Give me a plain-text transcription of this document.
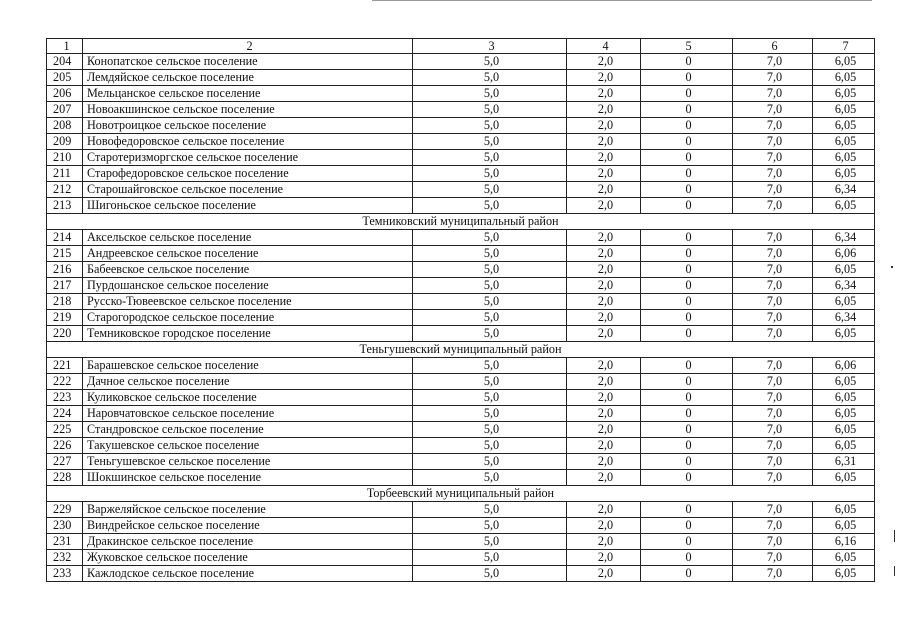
1	2	3	4	5	6	7
204	Конопатское сельское поселение	5,0	2,0	0	7,0	6,05
205	Лемдяйское сельское поселение	5,0	2,0	0	7,0	6,05
206	Мельцанское сельское поселение	5,0	2,0	0	7,0	6,05
207	Новоакшинское сельское поселение	5,0	2,0	0	7,0	6,05
208	Новотроицкое сельское поселение	5,0	2,0	0	7,0	6,05
209	Новофедоровское сельское поселение	5,0	2,0	0	7,0	6,05
210	Старотеризморгское сельское поселение	5,0	2,0	0	7,0	6,05
211	Старофедоровское сельское поселение	5,0	2,0	0	7,0	6,05
212	Старошайговское сельское поселение	5,0	2,0	0	7,0	6,34
213	Шигоньское сельское поселение	5,0	2,0	0	7,0	6,05
Темниковский муниципальный район						
214	Аксельское сельское поселение	5,0	2,0	0	7,0	6,34
215	Андреевское сельское поселение	5,0	2,0	0	7,0	6,06
216	Бабеевское сельское поселение	5,0	2,0	0	7,0	6,05
217	Пурдошанское сельское поселение	5,0	2,0	0	7,0	6,34
218	Русско-Тювеевское сельское поселение	5,0	2,0	0	7,0	6,05
219	Старогородское сельское поселение	5,0	2,0	0	7,0	6,34
220	Темниковское городское поселение	5,0	2,0	0	7,0	6,05
Теньгушевский муниципальный район						
221	Барашевское сельское поселение	5,0	2,0	0	7,0	6,06
222	Дачное сельское поселение	5,0	2,0	0	7,0	6,05
223	Куликовское сельское поселение	5,0	2,0	0	7,0	6,05
224	Наровчатовское сельское поселение	5,0	2,0	0	7,0	6,05
225	Стандровское сельское поселение	5,0	2,0	0	7,0	6,05
226	Такушевское сельское поселение	5,0	2,0	0	7,0	6,05
227	Теньгушевское сельское поселение	5,0	2,0	0	7,0	6,31
228	Шокшинское сельское поселение	5,0	2,0	0	7,0	6,05
Торбеевский муниципальный район						
229	Варжеляйское сельское поселение	5,0	2,0	0	7,0	6,05
230	Виндрейское сельское поселение	5,0	2,0	0	7,0	6,05
231	Дракинское сельское поселение	5,0	2,0	0	7,0	6,16
232	Жуковское сельское поселение	5,0	2,0	0	7,0	6,05
233	Кажлодское сельское поселение	5,0	2,0	0	7,0	6,05
